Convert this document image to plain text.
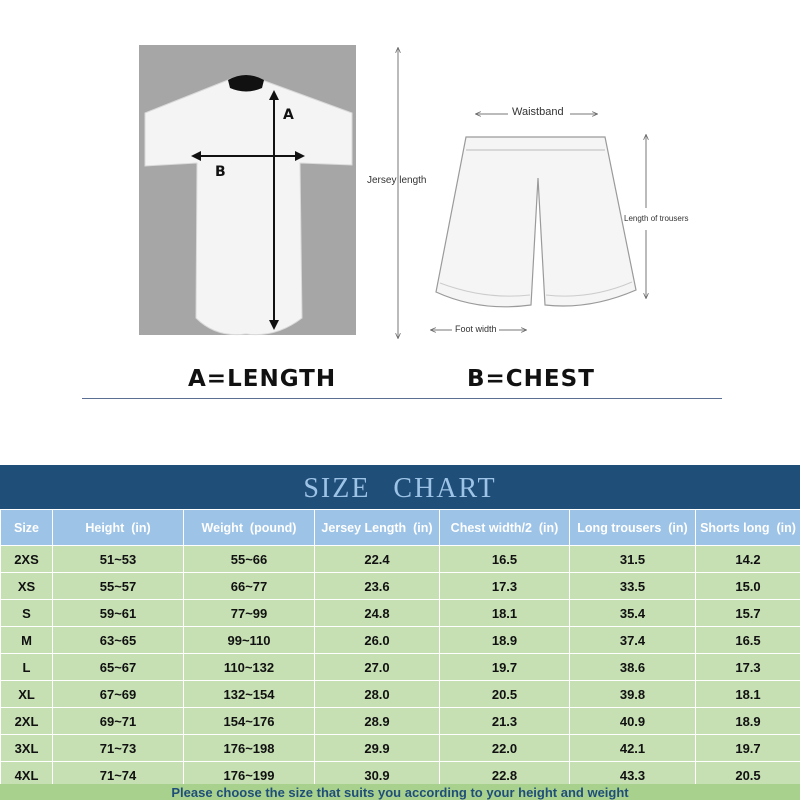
A
B
Jersey length
Waistband
Length of trousers
Foot width
A=LENGTH	B=CHEST
SIZE CHART
Size	Height  (in)	Weight  (pound)	Jersey Length  (in)	Chest width/2  (in)	Long trousers  (in)	Shorts long  (in)
2XS	51~53	55~66	22.4	16.5	31.5	14.2
XS	55~57	66~77	23.6	17.3	33.5	15.0
S	59~61	77~99	24.8	18.1	35.4	15.7
M	63~65	99~110	26.0	18.9	37.4	16.5
L	65~67	110~132	27.0	19.7	38.6	17.3
XL	67~69	132~154	28.0	20.5	39.8	18.1
2XL	69~71	154~176	28.9	21.3	40.9	18.9
3XL	71~73	176~198	29.9	22.0	42.1	19.7
4XL	71~74	176~199	30.9	22.8	43.3	20.5
Please choose the size that suits you according to your height and weight
